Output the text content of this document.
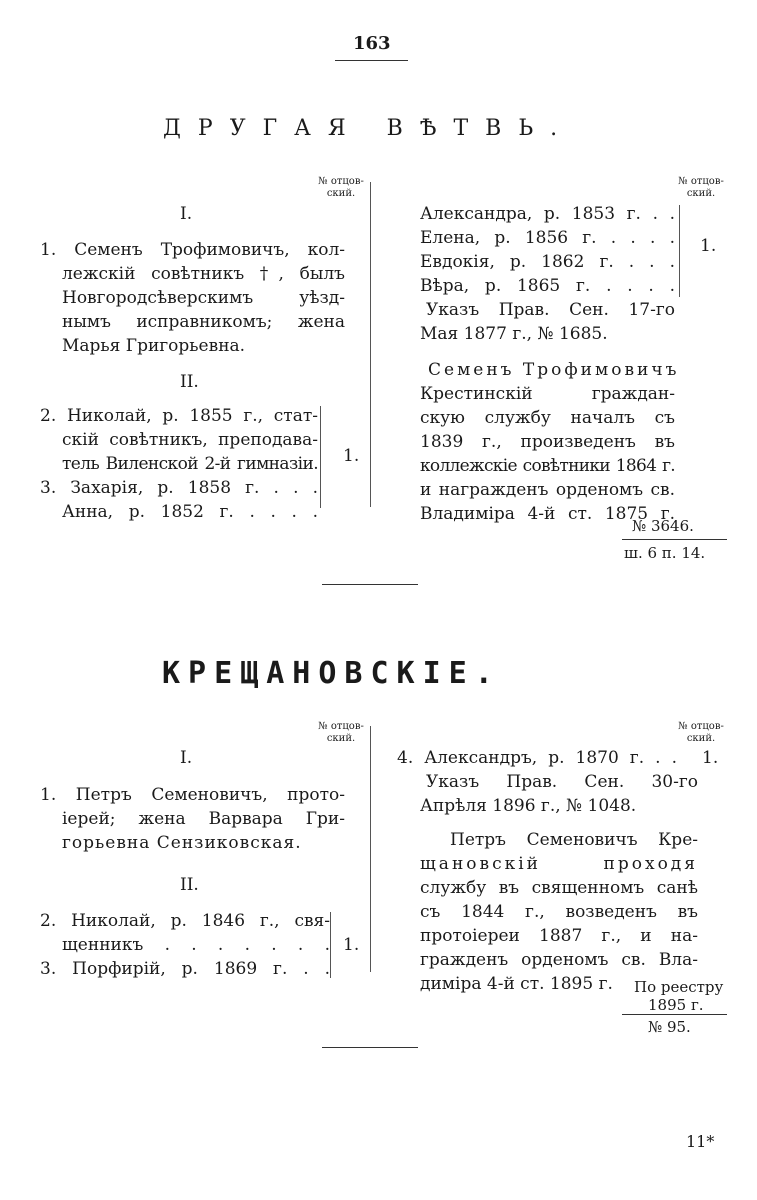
163
ДРУГАЯ ВѢТВЬ.
№ отцов-ский.
№ отцов-ский.
I.
1. Семенъ Трофимовичъ, кол-
лежскій совѣтникъ †, былъ
Новгородсѣверскимъ уѣзд-
нымъ исправникомъ; жена
Марья Григорьевна.
II.
2. Николай, р. 1855 г., стат-
скій совѣтникъ, преподава-
тель Виленской 2-й гимназіи.
3. Захарія, р. 1858 г. . . .
Анна, р. 1852 г. . . . .
1.
Александра, р. 1853 г. . .
Елена, р. 1856 г. . . . .
Евдокія, р. 1862 г. . . .
Вѣра, р. 1865 г. . . . .
1.
Указъ Прав. Сен. 17-го
Мая 1877 г., № 1685.
Семенъ Трофимовичъ
Крестинскій граждан-
скую службу началъ съ
1839 г., произведенъ въ
коллежскіе совѣтники 1864 г.
и награжденъ орденомъ св.
Владиміра 4-й ст. 1875 г.
№ 3646.
ш. 6 п. 14.
КРЕЩАНОВСКІЕ.
№ отцов-ский.
№ отцов-ский.
I.
1. Петръ Семеновичъ, прото-
іерей; жена Варвара Гри-
горьевна Сензиковская.
II.
2. Николай, р. 1846 г., свя-
щенникъ . . . . . . .
3. Порфирій, р. 1869 г. . .
1.
4. Александръ, р. 1870 г. . . 1.
Указъ Прав. Сен. 30-го
Апрѣля 1896 г., № 1048.
Петръ Семеновичъ Кре-
щановскій проходя
службу въ священномъ санѣ
съ 1844 г., возведенъ въ
протоіереи 1887 г., и на-
гражденъ орденомъ св. Вла-
диміра 4-й ст. 1895 г.	По реестру
1895 г.
№ 95.
11*
